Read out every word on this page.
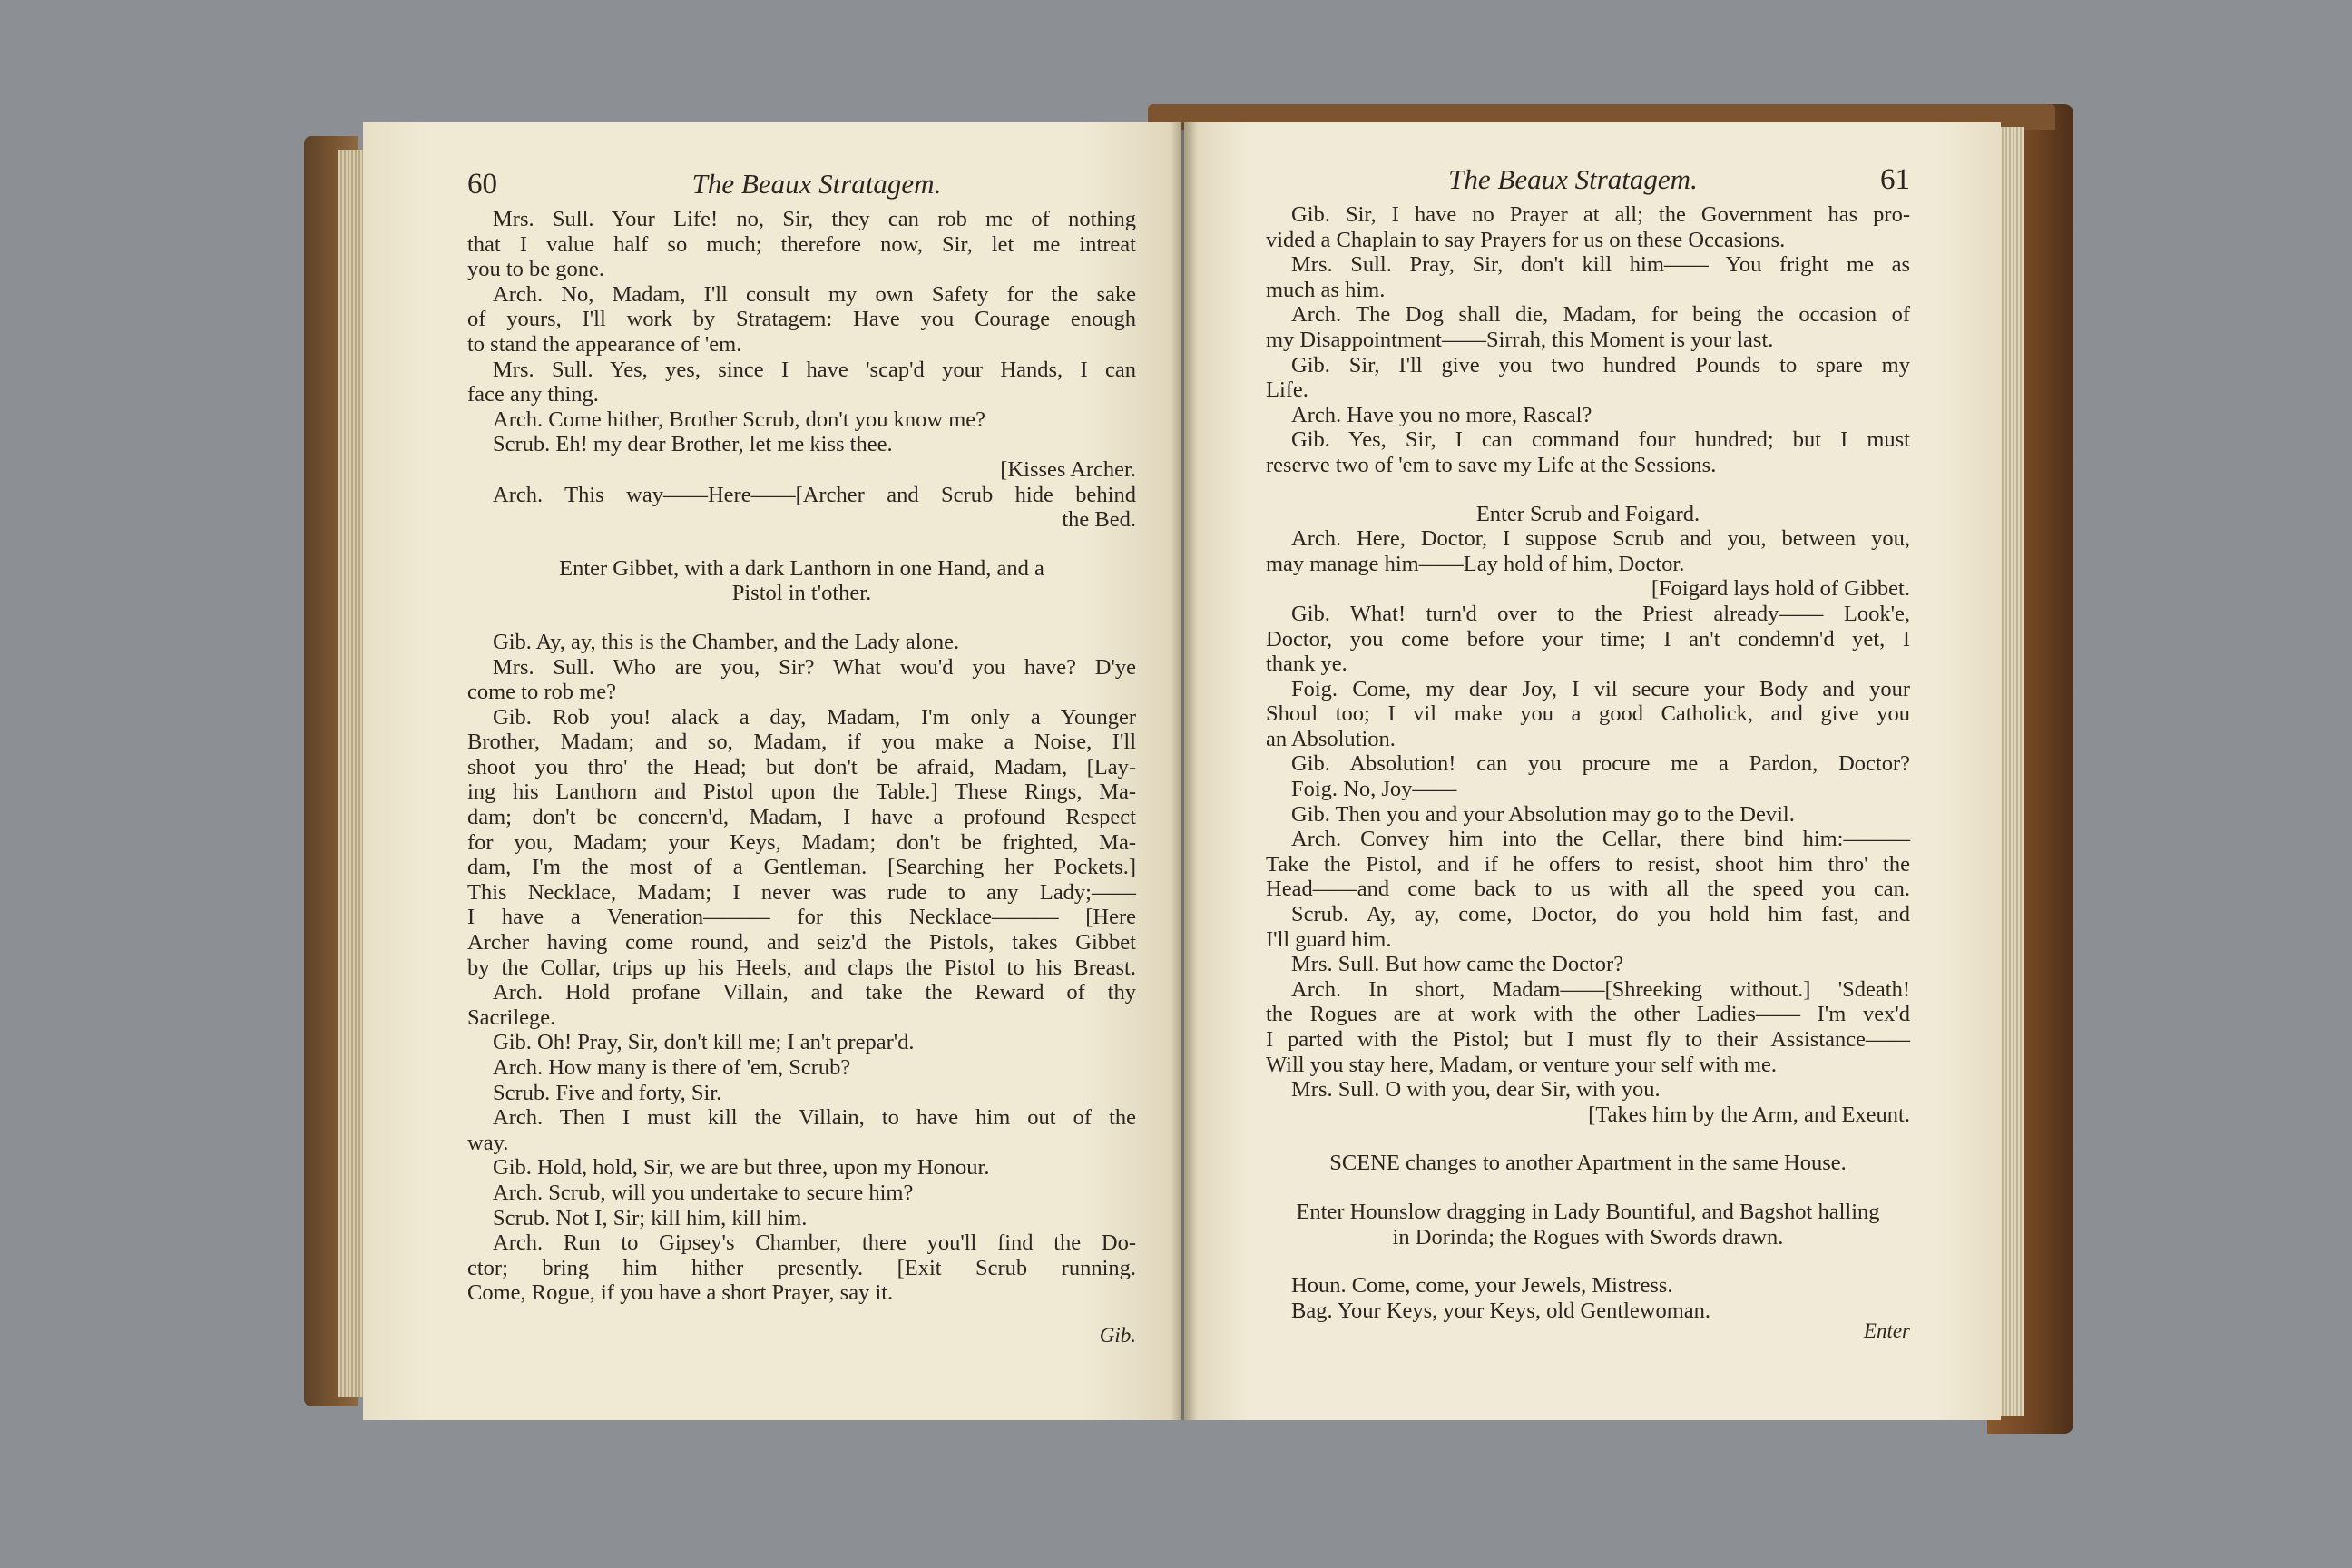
60	The Beaux Stratagem.
Mrs. Sull. Your Life! no, Sir, they can rob me of nothing
that I value half so much; therefore now, Sir, let me intreat
you to be gone.
Arch. No, Madam, I'll consult my own Safety for the sake
of yours, I'll work by Stratagem: Have you Courage enough
to stand the appearance of 'em.
Mrs. Sull. Yes, yes, since I have 'scap'd your Hands, I can
face any thing.
Arch. Come hither, Brother Scrub, don't you know me?
Scrub. Eh! my dear Brother, let me kiss thee.
[Kisses Archer.
Arch. This way——Here——[Archer and Scrub hide behind
the Bed.
Enter Gibbet, with a dark Lanthorn in one Hand, and a
Pistol in t'other.
Gib. Ay, ay, this is the Chamber, and the Lady alone.
Mrs. Sull. Who are you, Sir? What wou'd you have? D'ye
come to rob me?
Gib. Rob you! alack a day, Madam, I'm only a Younger
Brother, Madam; and so, Madam, if you make a Noise, I'll
shoot you thro' the Head; but don't be afraid, Madam, [Lay-
ing his Lanthorn and Pistol upon the Table.] These Rings, Ma-
dam; don't be concern'd, Madam, I have a profound Respect
for you, Madam; your Keys, Madam; don't be frighted, Ma-
dam, I'm the most of a Gentleman. [Searching her Pockets.]
This Necklace, Madam; I never was rude to any Lady;——
I have a Veneration——— for this Necklace——— [Here
Archer having come round, and seiz'd the Pistols, takes Gibbet
by the Collar, trips up his Heels, and claps the Pistol to his Breast.
Arch. Hold profane Villain, and take the Reward of thy
Sacrilege.
Gib. Oh! Pray, Sir, don't kill me; I an't prepar'd.
Arch. How many is there of 'em, Scrub?
Scrub. Five and forty, Sir.
Arch. Then I must kill the Villain, to have him out of the
way.
Gib. Hold, hold, Sir, we are but three, upon my Honour.
Arch. Scrub, will you undertake to secure him?
Scrub. Not I, Sir; kill him, kill him.
Arch. Run to Gipsey's Chamber, there you'll find the Do-
ctor; bring him hither presently. [Exit Scrub running.
Come, Rogue, if you have a short Prayer, say it.
Gib.
The Beaux Stratagem.	61
Gib. Sir, I have no Prayer at all; the Government has pro-
vided a Chaplain to say Prayers for us on these Occasions.
Mrs. Sull. Pray, Sir, don't kill him—— You fright me as
much as him.
Arch. The Dog shall die, Madam, for being the occasion of
my Disappointment——Sirrah, this Moment is your last.
Gib. Sir, I'll give you two hundred Pounds to spare my
Life.
Arch. Have you no more, Rascal?
Gib. Yes, Sir, I can command four hundred; but I must
reserve two of 'em to save my Life at the Sessions.
Enter Scrub and Foigard.
Arch. Here, Doctor, I suppose Scrub and you, between you,
may manage him——Lay hold of him, Doctor.
[Foigard lays hold of Gibbet.
Gib. What! turn'd over to the Priest already—— Look'e,
Doctor, you come before your time; I an't condemn'd yet, I
thank ye.
Foig. Come, my dear Joy, I vil secure your Body and your
Shoul too; I vil make you a good Catholick, and give you
an Absolution.
Gib. Absolution! can you procure me a Pardon, Doctor?
Foig. No, Joy——
Gib. Then you and your Absolution may go to the Devil.
Arch. Convey him into the Cellar, there bind him:———
Take the Pistol, and if he offers to resist, shoot him thro' the
Head——and come back to us with all the speed you can.
Scrub. Ay, ay, come, Doctor, do you hold him fast, and
I'll guard him.
Mrs. Sull. But how came the Doctor?
Arch. In short, Madam——[Shreeking without.] 'Sdeath!
the Rogues are at work with the other Ladies—— I'm vex'd
I parted with the Pistol; but I must fly to their Assistance——
Will you stay here, Madam, or venture your self with me.
Mrs. Sull. O with you, dear Sir, with you.
[Takes him by the Arm, and Exeunt.
SCENE changes to another Apartment in the same House.
Enter Hounslow dragging in Lady Bountiful, and Bagshot halling
in Dorinda; the Rogues with Swords drawn.
Houn. Come, come, your Jewels, Mistress.
Bag. Your Keys, your Keys, old Gentlewoman.
Enter
